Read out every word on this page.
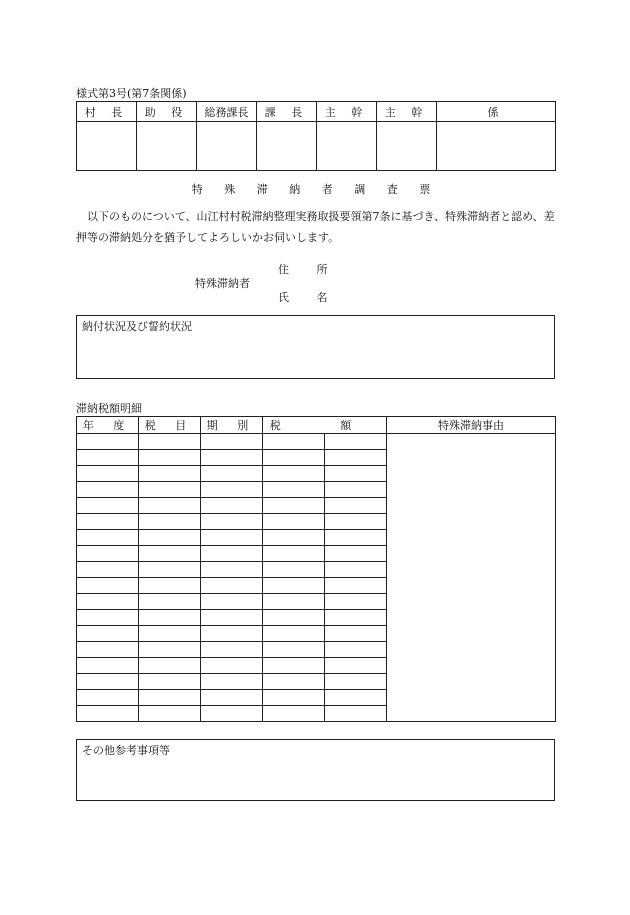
様式第3号(第7条関係)
村 長	助 役	総務課長	課 長	主 幹	主 幹	係

特 殊 滞 納 者 調 査 票
以下のものについて、山江村村税滞納整理実務取扱要領第7条に基づき、特殊滞納者と認め、差押等の滞納処分を猶予してよろしいかお伺いします。
特殊滞納者
住 所
氏 名
納付状況及び誓約状況
滞納税額明細
年 度	税 目	期 別	税 額		特殊滞納事由

その他参考事項等
